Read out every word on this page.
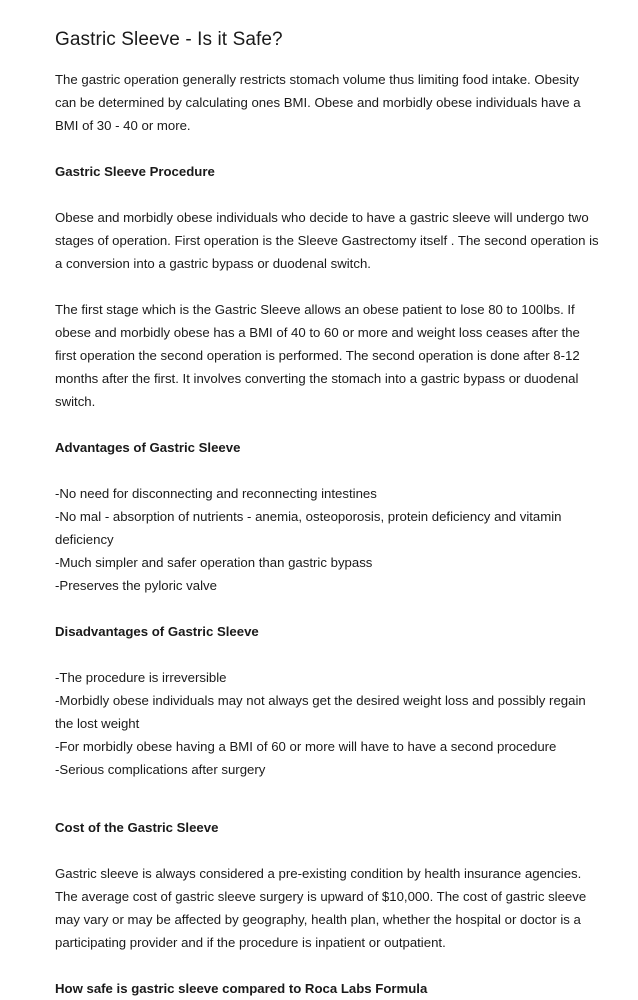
Gastric Sleeve - Is it Safe?

The gastric operation generally restricts stomach volume thus limiting food intake. Obesity can be determined by calculating ones BMI. Obese and morbidly obese individuals have a BMI of 30 - 40 or more.

Gastric Sleeve Procedure

Obese and morbidly obese individuals who decide to have a gastric sleeve will undergo two stages of operation. First operation is the Sleeve Gastrectomy itself . The second operation is a conversion into a gastric bypass or duodenal switch.

The first stage which is the Gastric Sleeve allows an obese patient to lose 80 to 100lbs. If obese and morbidly obese has a BMI of 40 to 60 or more and weight loss ceases after the first operation the second operation is performed. The second operation is done after 8-12 months after the first. It involves converting the stomach into a gastric bypass or duodenal switch.

Advantages of Gastric Sleeve

-No need for disconnecting and reconnecting intestines

-No mal - absorption of nutrients - anemia, osteoporosis, protein deficiency and vitamin deficiency

-Much simpler and safer operation than gastric bypass

-Preserves the pyloric valve

Disadvantages of Gastric Sleeve

-The procedure is irreversible

-Morbidly obese individuals may not always get the desired weight loss and possibly regain the lost weight

-For morbidly obese having a BMI of 60 or more will have to have a second procedure

-Serious complications after surgery

Cost of the Gastric Sleeve

Gastric sleeve is always considered a pre-existing condition by health insurance agencies. The average cost of gastric sleeve surgery is upward of $10,000. The cost of gastric sleeve may vary or may be affected by geography, health plan, whether the hospital or doctor is a participating provider and if the procedure is inpatient or outpatient.

How safe is gastric sleeve compared to Roca Labs Formula
